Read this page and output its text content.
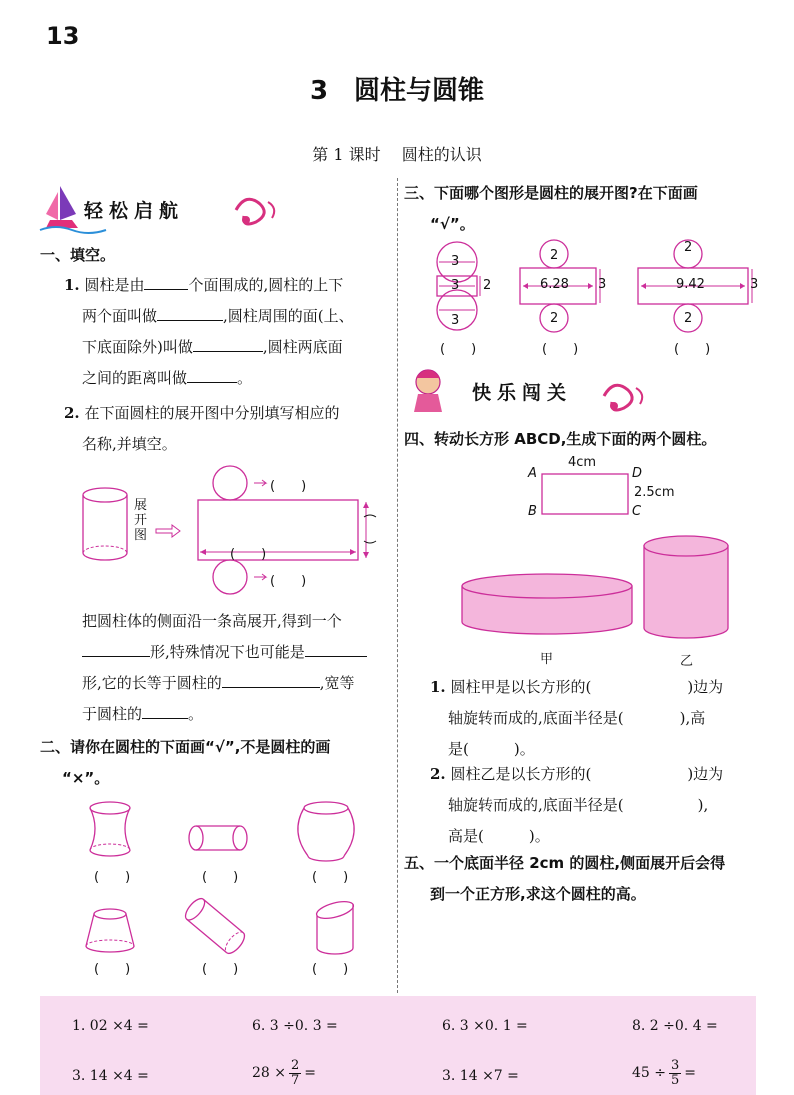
13
3　圆柱与圆锥
第 1 课时　 圆柱的认识
轻松启航
一、填空。
1. 圆柱是由	个面围成的,圆柱的上下
两个面叫做	,圆柱周围的面(上、
下底面除外)叫做	,圆柱两底面
之间的距离叫做	。
2. 在下面圆柱的展开图中分别填写相应的
名称,并填空。
展开图
(　　)
(　　)
(　　)
把圆柱体的侧面沿一条高展开,得到一个
形,特殊情况下也可能是
形,它的长等于圆柱的	,宽等
于圆柱的	。
二、请你在圆柱的下面画“√”,不是圆柱的画
“×”。
(　　)	(　　)	(　　)
(　　)	(　　)	(　　)
三、下面哪个图形是圆柱的展开图?在下面画
“√”。
3
3 2
3
2
6.28 3
2
2
9.42	3
2
(　　)	(　　)	(　　)
快乐闯关
四、转动长方形 ABCD,生成下面的两个圆柱。
A
B	C
D
4cm
2.5cm
甲	乙
1. 圆柱甲是以长方形的(	)边为
轴旋转而成的,底面半径是(	),高
是(　　　)。
2. 圆柱乙是以长方形的(	)边为
轴旋转而成的,底面半径是(	),
高是(　　　)。
五、一个底面半径 2cm 的圆柱,侧面展开后会得
到一个正方形,求这个圆柱的高。
1. 02 ×4 =	6. 3 ÷0. 3 =	6. 3 ×0. 1 =	8. 2 ÷0. 4 =
3. 14 ×4 =	$28 \times \frac{2}{7}$ =	3. 14 ×7 =	$45 \div \frac{3}{5}$ =
